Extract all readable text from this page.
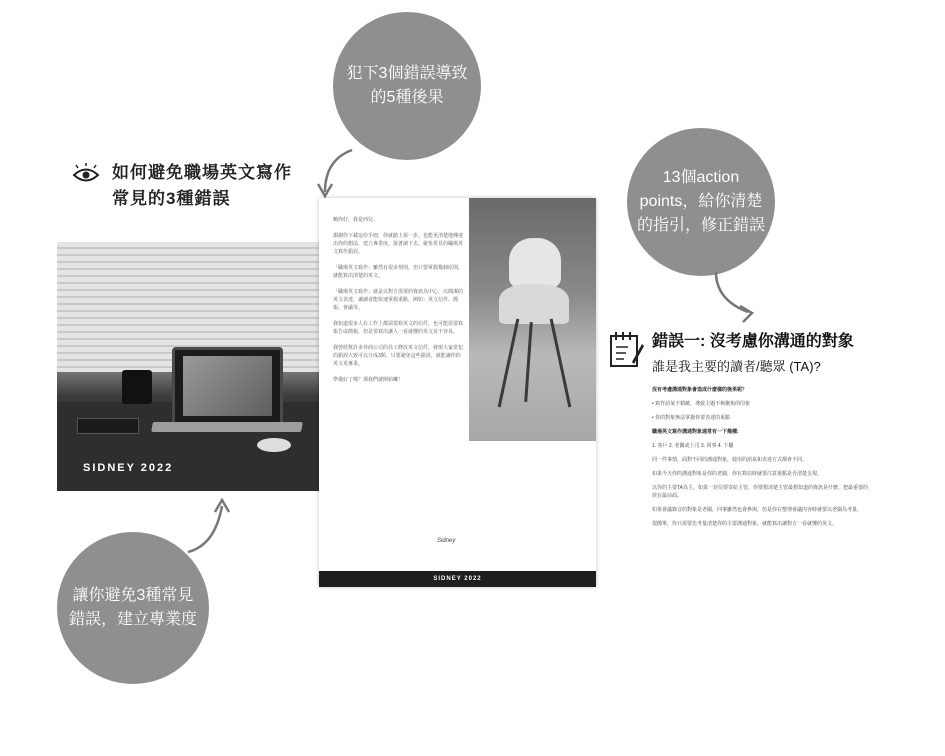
犯下3個錯誤導致
的5種後果
13個action
points，給你清楚
的指引，修正錯誤
讓你避免3種常見
錯誤，建立專業度
如何避免職場英文寫作
常見的3種錯誤
SIDNEY 2022

嗨你好，我是西兒。

謝謝你下載這份手冊，你就踏上第一步。也能更清楚地傳達出你的想法，建立專業度。接著讀下去，避免常見的職場英文寫作錯誤。

「職場英文寫作」雖然有很多規則，但只要掌握幾個原則，就能寫出清楚的英文。

「職場英文寫作」就是以對方需要的資訊為中心，以簡潔的英文表達，讓讀者能快速掌握重點，例如：英文信件、簡報、會議等。

我知道很多人在工作上都需要寫英文的信件，也可能需要寫報告或簡報，但是要寫出讓人一看就懂的英文並不容易。

我曾經幫許多外商公司的員工修改英文信件，發現大家常犯的錯誤大致可以分成3類。只要避免這些錯誤，就能讓你的英文更專業。

準備好了嗎？那我們就開始囉！

Sidney
SIDNEY 2022
錯誤一: 沒考慮你溝通的對象
誰是我主要的讀者/聽眾 (TA)?

沒有考慮溝通對象會造成什麼樣的後果呢？

• 寫作語氣不精確，導致主題不夠聚焦的印象

• 你的對象無法掌握你要表達的重點

職場英文寫作溝通對象通常有一下幾種:

1. 客戶 2. 老闆或上司 3. 同事 4. 下屬

同一件事情，面對不同的溝通對象，使用的語氣和表達方式都會不同。

如果今天你的溝通對象是你的老闆，你在寫信時就要注意重點是否清楚呈現。

以你的主要TA為主，如果一封信要寄給主管，你要想清楚主管最想知道的資訊是什麼，把最重要的放在最前面。

如果會議錄音的對象是老闆，同事雖然也會參與，但是你在整理會議內容時就要以老闆為考量。

很簡單，你只需要先考量清楚你的主要溝通對象，就能寫出讓對方一看就懂的英文。
